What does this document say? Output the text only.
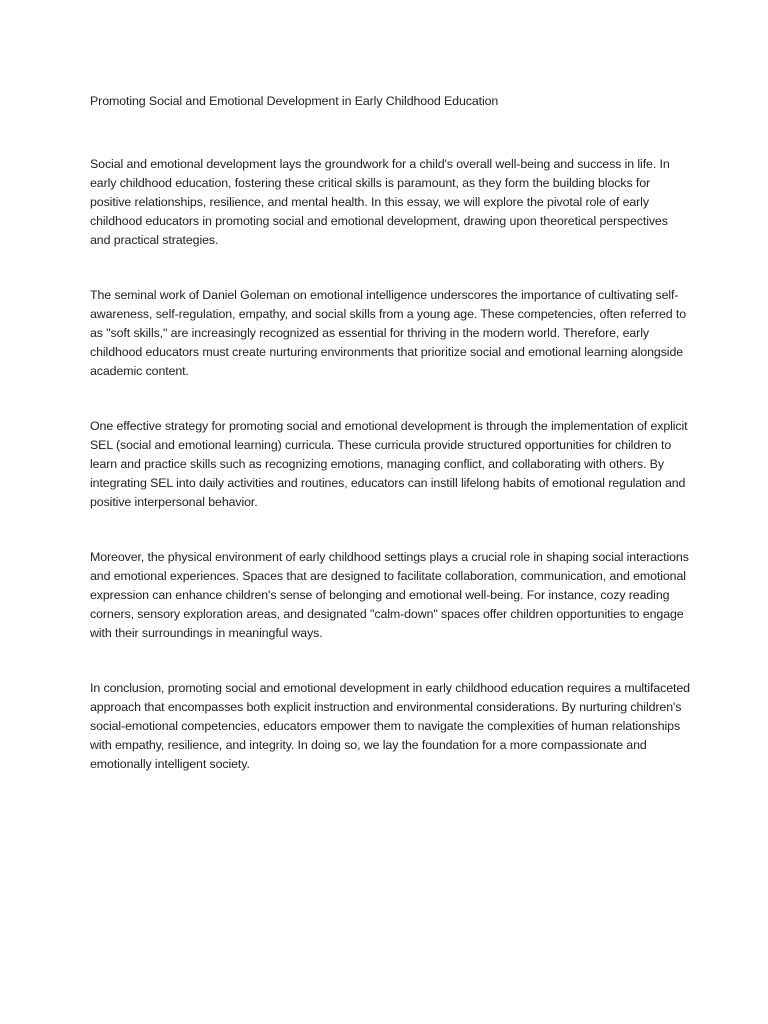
Promoting Social and Emotional Development in Early Childhood Education

Social and emotional development lays the groundwork for a child's overall well-being and success in life. In early childhood education, fostering these critical skills is paramount, as they form the building blocks for positive relationships, resilience, and mental health. In this essay, we will explore the pivotal role of early childhood educators in promoting social and emotional development, drawing upon theoretical perspectives and practical strategies.

The seminal work of Daniel Goleman on emotional intelligence underscores the importance of cultivating self-awareness, self-regulation, empathy, and social skills from a young age. These competencies, often referred to as "soft skills," are increasingly recognized as essential for thriving in the modern world. Therefore, early childhood educators must create nurturing environments that prioritize social and emotional learning alongside academic content.

One effective strategy for promoting social and emotional development is through the implementation of explicit SEL (social and emotional learning) curricula. These curricula provide structured opportunities for children to learn and practice skills such as recognizing emotions, managing conflict, and collaborating with others. By integrating SEL into daily activities and routines, educators can instill lifelong habits of emotional regulation and positive interpersonal behavior.

Moreover, the physical environment of early childhood settings plays a crucial role in shaping social interactions and emotional experiences. Spaces that are designed to facilitate collaboration, communication, and emotional expression can enhance children's sense of belonging and emotional well-being. For instance, cozy reading corners, sensory exploration areas, and designated "calm-down" spaces offer children opportunities to engage with their surroundings in meaningful ways.

In conclusion, promoting social and emotional development in early childhood education requires a multifaceted approach that encompasses both explicit instruction and environmental considerations. By nurturing children's social-emotional competencies, educators empower them to navigate the complexities of human relationships with empathy, resilience, and integrity. In doing so, we lay the foundation for a more compassionate and emotionally intelligent society.
